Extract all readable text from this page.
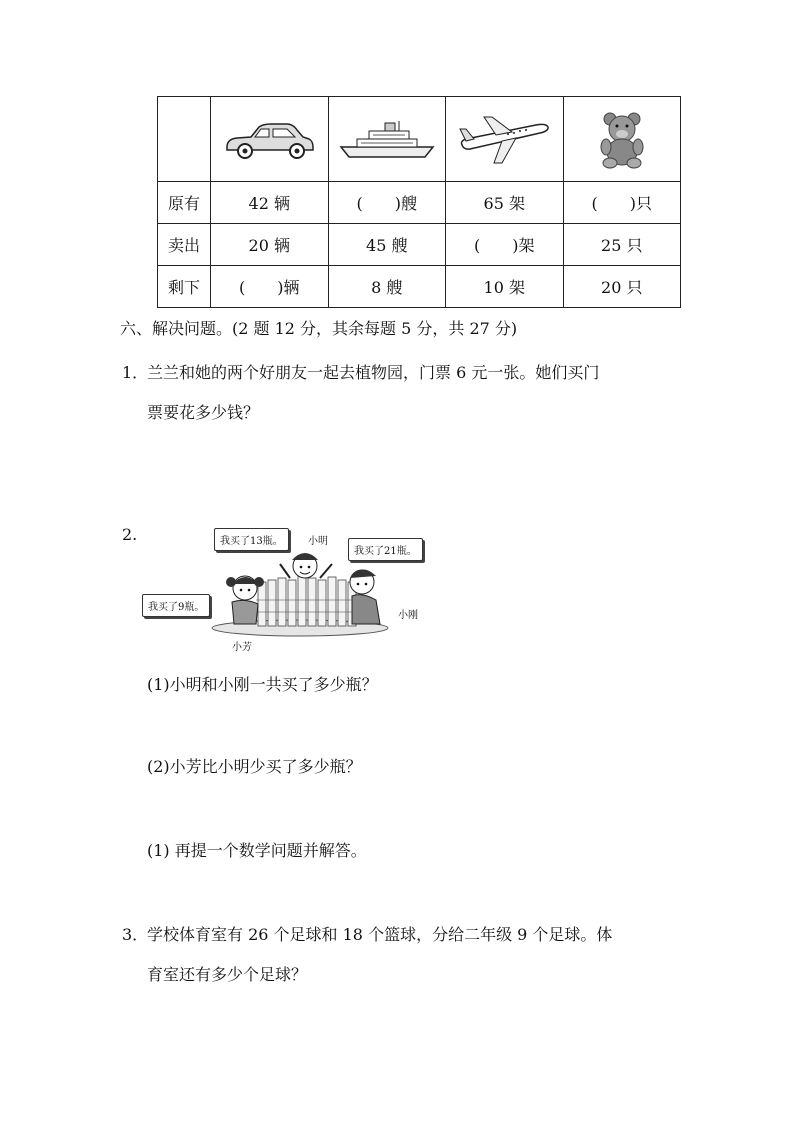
原有	42 辆	(　　)艘	65 架	(　　)只
卖出	20 辆	45 艘	(　　)架	25 只
剩下	(　　)辆	8 艘	10 架	20 只
六、解决问题。(2 题 12 分，其余每题 5 分，共 27 分)
1．
兰兰和她的两个好朋友一起去植物园，门票 6 元一张。她们买门
票要花多少钱？
2.	我买了13瓶。
我买了21瓶。
我买了9瓶。
小明
小刚
小芳
(1)小明和小刚一共买了多少瓶？
(2)小芳比小明少买了多少瓶？
(1) 再提一个数学问题并解答。
3．
学校体育室有 26 个足球和 18 个篮球，分给二年级 9 个足球。体
育室还有多少个足球？
